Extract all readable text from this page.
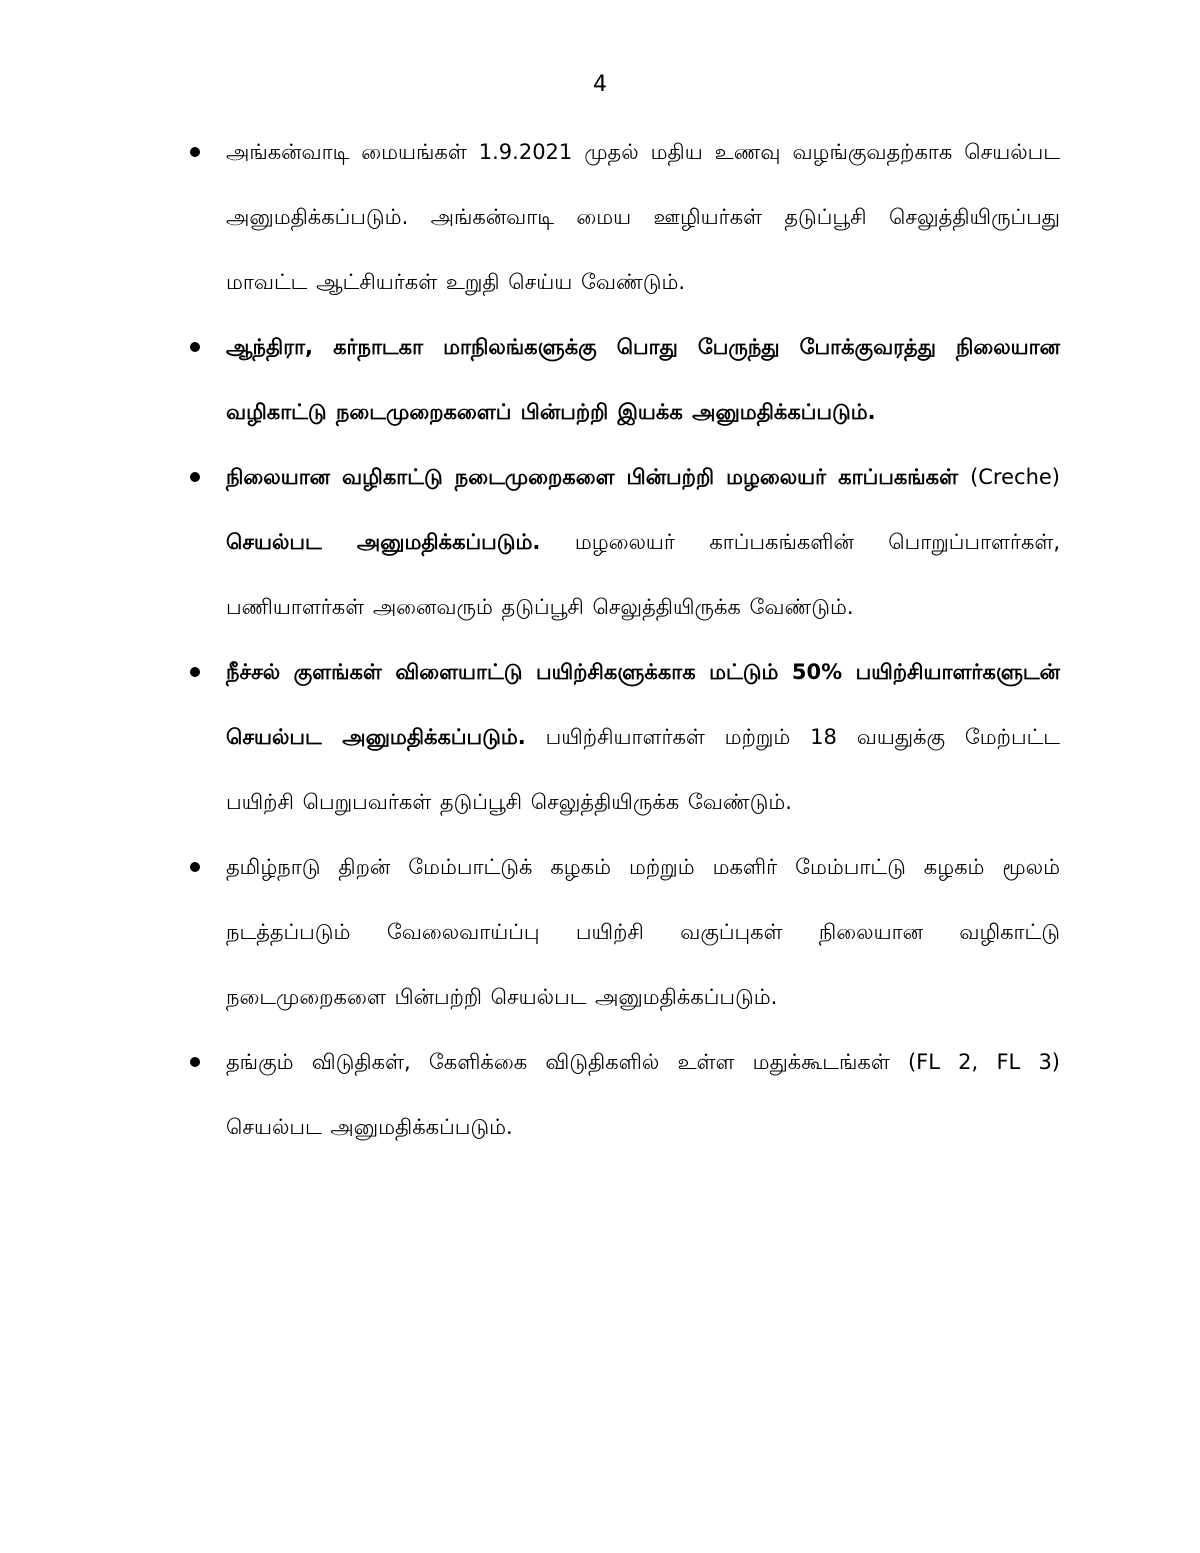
4
அங்கன்வாடி மையங்கள் 1.9.2021 முதல் மதிய உணவு வழங்குவதற்காக செயல்பட அனுமதிக்கப்படும். அங்கன்வாடி மைய ஊழியர்கள் தடுப்பூசி செலுத்தியிருப்பது மாவட்ட ஆட்சியர்கள் உறுதி செய்ய வேண்டும்.
ஆந்திரா, கர்நாடகா மாநிலங்களுக்கு பொது பேருந்து போக்குவரத்து நிலையான வழிகாட்டு நடைமுறைகளைப் பின்பற்றி இயக்க அனுமதிக்கப்படும்.
நிலையான வழிகாட்டு நடைமுறைகளை பின்பற்றி மழலையர் காப்பகங்கள் (Creche) செயல்பட அனுமதிக்கப்படும். மழலையர் காப்பகங்களின் பொறுப்பாளர்கள், பணியாளர்கள் அனைவரும் தடுப்பூசி செலுத்தியிருக்க வேண்டும்.
நீச்சல் குளங்கள் விளையாட்டு பயிற்சிகளுக்காக மட்டும் 50% பயிற்சியாளர்களுடன் செயல்பட அனுமதிக்கப்படும். பயிற்சியாளர்கள் மற்றும் 18 வயதுக்கு மேற்பட்ட பயிற்சி பெறுபவர்கள் தடுப்பூசி செலுத்தியிருக்க வேண்டும்.
தமிழ்நாடு திறன் மேம்பாட்டுக் கழகம் மற்றும் மகளிர் மேம்பாட்டு கழகம் மூலம் நடத்தப்படும் வேலைவாய்ப்பு பயிற்சி வகுப்புகள் நிலையான வழிகாட்டு நடைமுறைகளை பின்பற்றி செயல்பட அனுமதிக்கப்படும்.
தங்கும் விடுதிகள், கேளிக்கை விடுதிகளில் உள்ள மதுக்கூடங்கள் (FL 2, FL 3) செயல்பட அனுமதிக்கப்படும்.
